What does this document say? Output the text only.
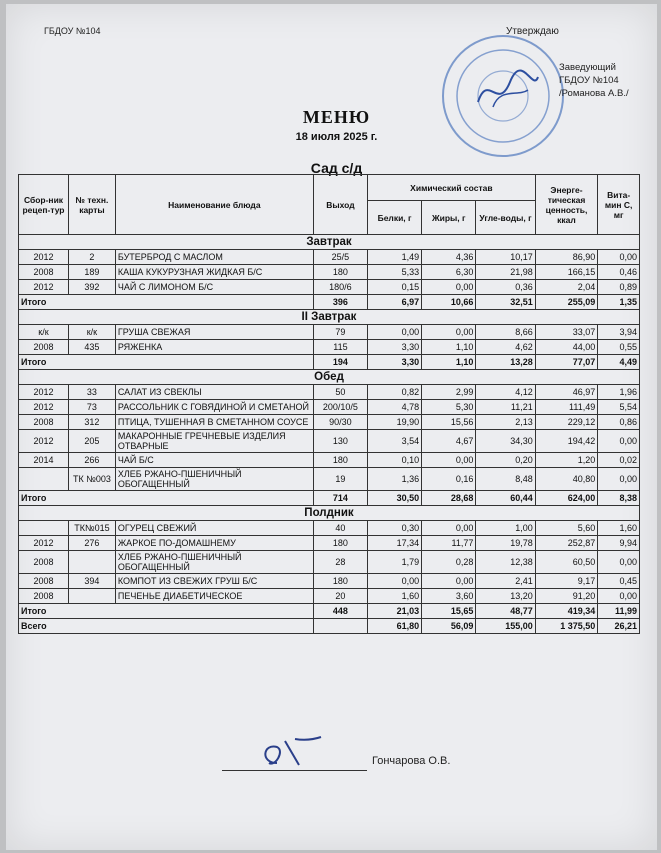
ГБДОУ №104	Утверждаю
Заведующий
ГБДОУ №104
/Романова А.В./
МЕНЮ
18 июля 2025 г.
Сад с/д
Сбор-ник рецеп-тур	№ техн. карты	Наименование блюда	Выход	Химический состав			Энерге-тическая ценность, ккал	Вита-мин С, мг
				Белки, г	Жиры, г	Угле-воды, г		
Завтрак								
2012	2	БУТЕРБРОД С МАСЛОМ	25/5	1,49	4,36	10,17	86,90	0,00
2008	189	КАША КУКУРУЗНАЯ ЖИДКАЯ Б/С	180	5,33	6,30	21,98	166,15	0,46
2012	392	ЧАЙ С ЛИМОНОМ Б/С	180/6	0,15	0,00	0,36	2,04	0,89
Итого			396	6,97	10,66	32,51	255,09	1,35
II Завтрак								
к/к	к/к	ГРУША СВЕЖАЯ	79	0,00	0,00	8,66	33,07	3,94
2008	435	РЯЖЕНКА	115	3,30	1,10	4,62	44,00	0,55
Итого			194	3,30	1,10	13,28	77,07	4,49
Обед								
2012	33	САЛАТ ИЗ СВЕКЛЫ	50	0,82	2,99	4,12	46,97	1,96
2012	73	РАССОЛЬНИК С ГОВЯДИНОЙ И СМЕТАНОЙ	200/10/5	4,78	5,30	11,21	111,49	5,54
2008	312	ПТИЦА, ТУШЕННАЯ В СМЕТАННОМ СОУСЕ	90/30	19,90	15,56	2,13	229,12	0,86
2012	205	МАКАРОННЫЕ ГРЕЧНЕВЫЕ ИЗДЕЛИЯ ОТВАРНЫЕ	130	3,54	4,67	34,30	194,42	0,00
2014	266	ЧАЙ Б/С	180	0,10	0,00	0,20	1,20	0,02
	ТК №003	ХЛЕБ РЖАНО-ПШЕНИЧНЫЙ ОБОГАЩЕННЫЙ	19	1,36	0,16	8,48	40,80	0,00
Итого			714	30,50	28,68	60,44	624,00	8,38
Полдник								
	ТК№015	ОГУРЕЦ СВЕЖИЙ	40	0,30	0,00	1,00	5,60	1,60
2012	276	ЖАРКОЕ ПО-ДОМАШНЕМУ	180	17,34	11,77	19,78	252,87	9,94
2008		ХЛЕБ РЖАНО-ПШЕНИЧНЫЙ ОБОГАЩЕННЫЙ	28	1,79	0,28	12,38	60,50	0,00
2008	394	КОМПОТ ИЗ СВЕЖИХ ГРУШ Б/С	180	0,00	0,00	2,41	9,17	0,45
2008		ПЕЧЕНЬЕ ДИАБЕТИЧЕСКОЕ	20	1,60	3,60	13,20	91,20	0,00
Итого			448	21,03	15,65	48,77	419,34	11,99
Всего				61,80	56,09	155,00	1 375,50	26,21
Гончарова О.В.
